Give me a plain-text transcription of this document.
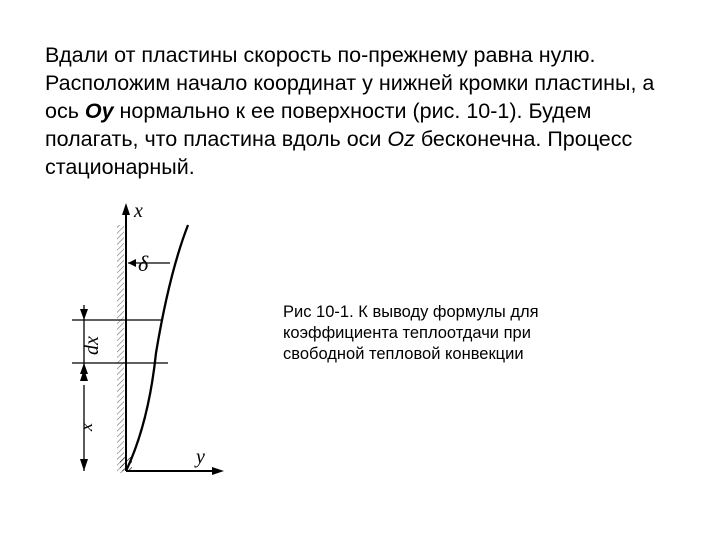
Вдали от пластины скорость по-прежнему равна нулю. Расположим начало координат у нижней кромки пластины, а ось Oy нормально к ее поверхности (рис. 10-1). Будем полагать, что пластина вдоль оси Oz бесконечна. Процесс стационарный.

x
y
δ
dx
x
Рис 10-1. К выводу формулы для коэффициента теплоотдачи при свободной тепловой конвекции
